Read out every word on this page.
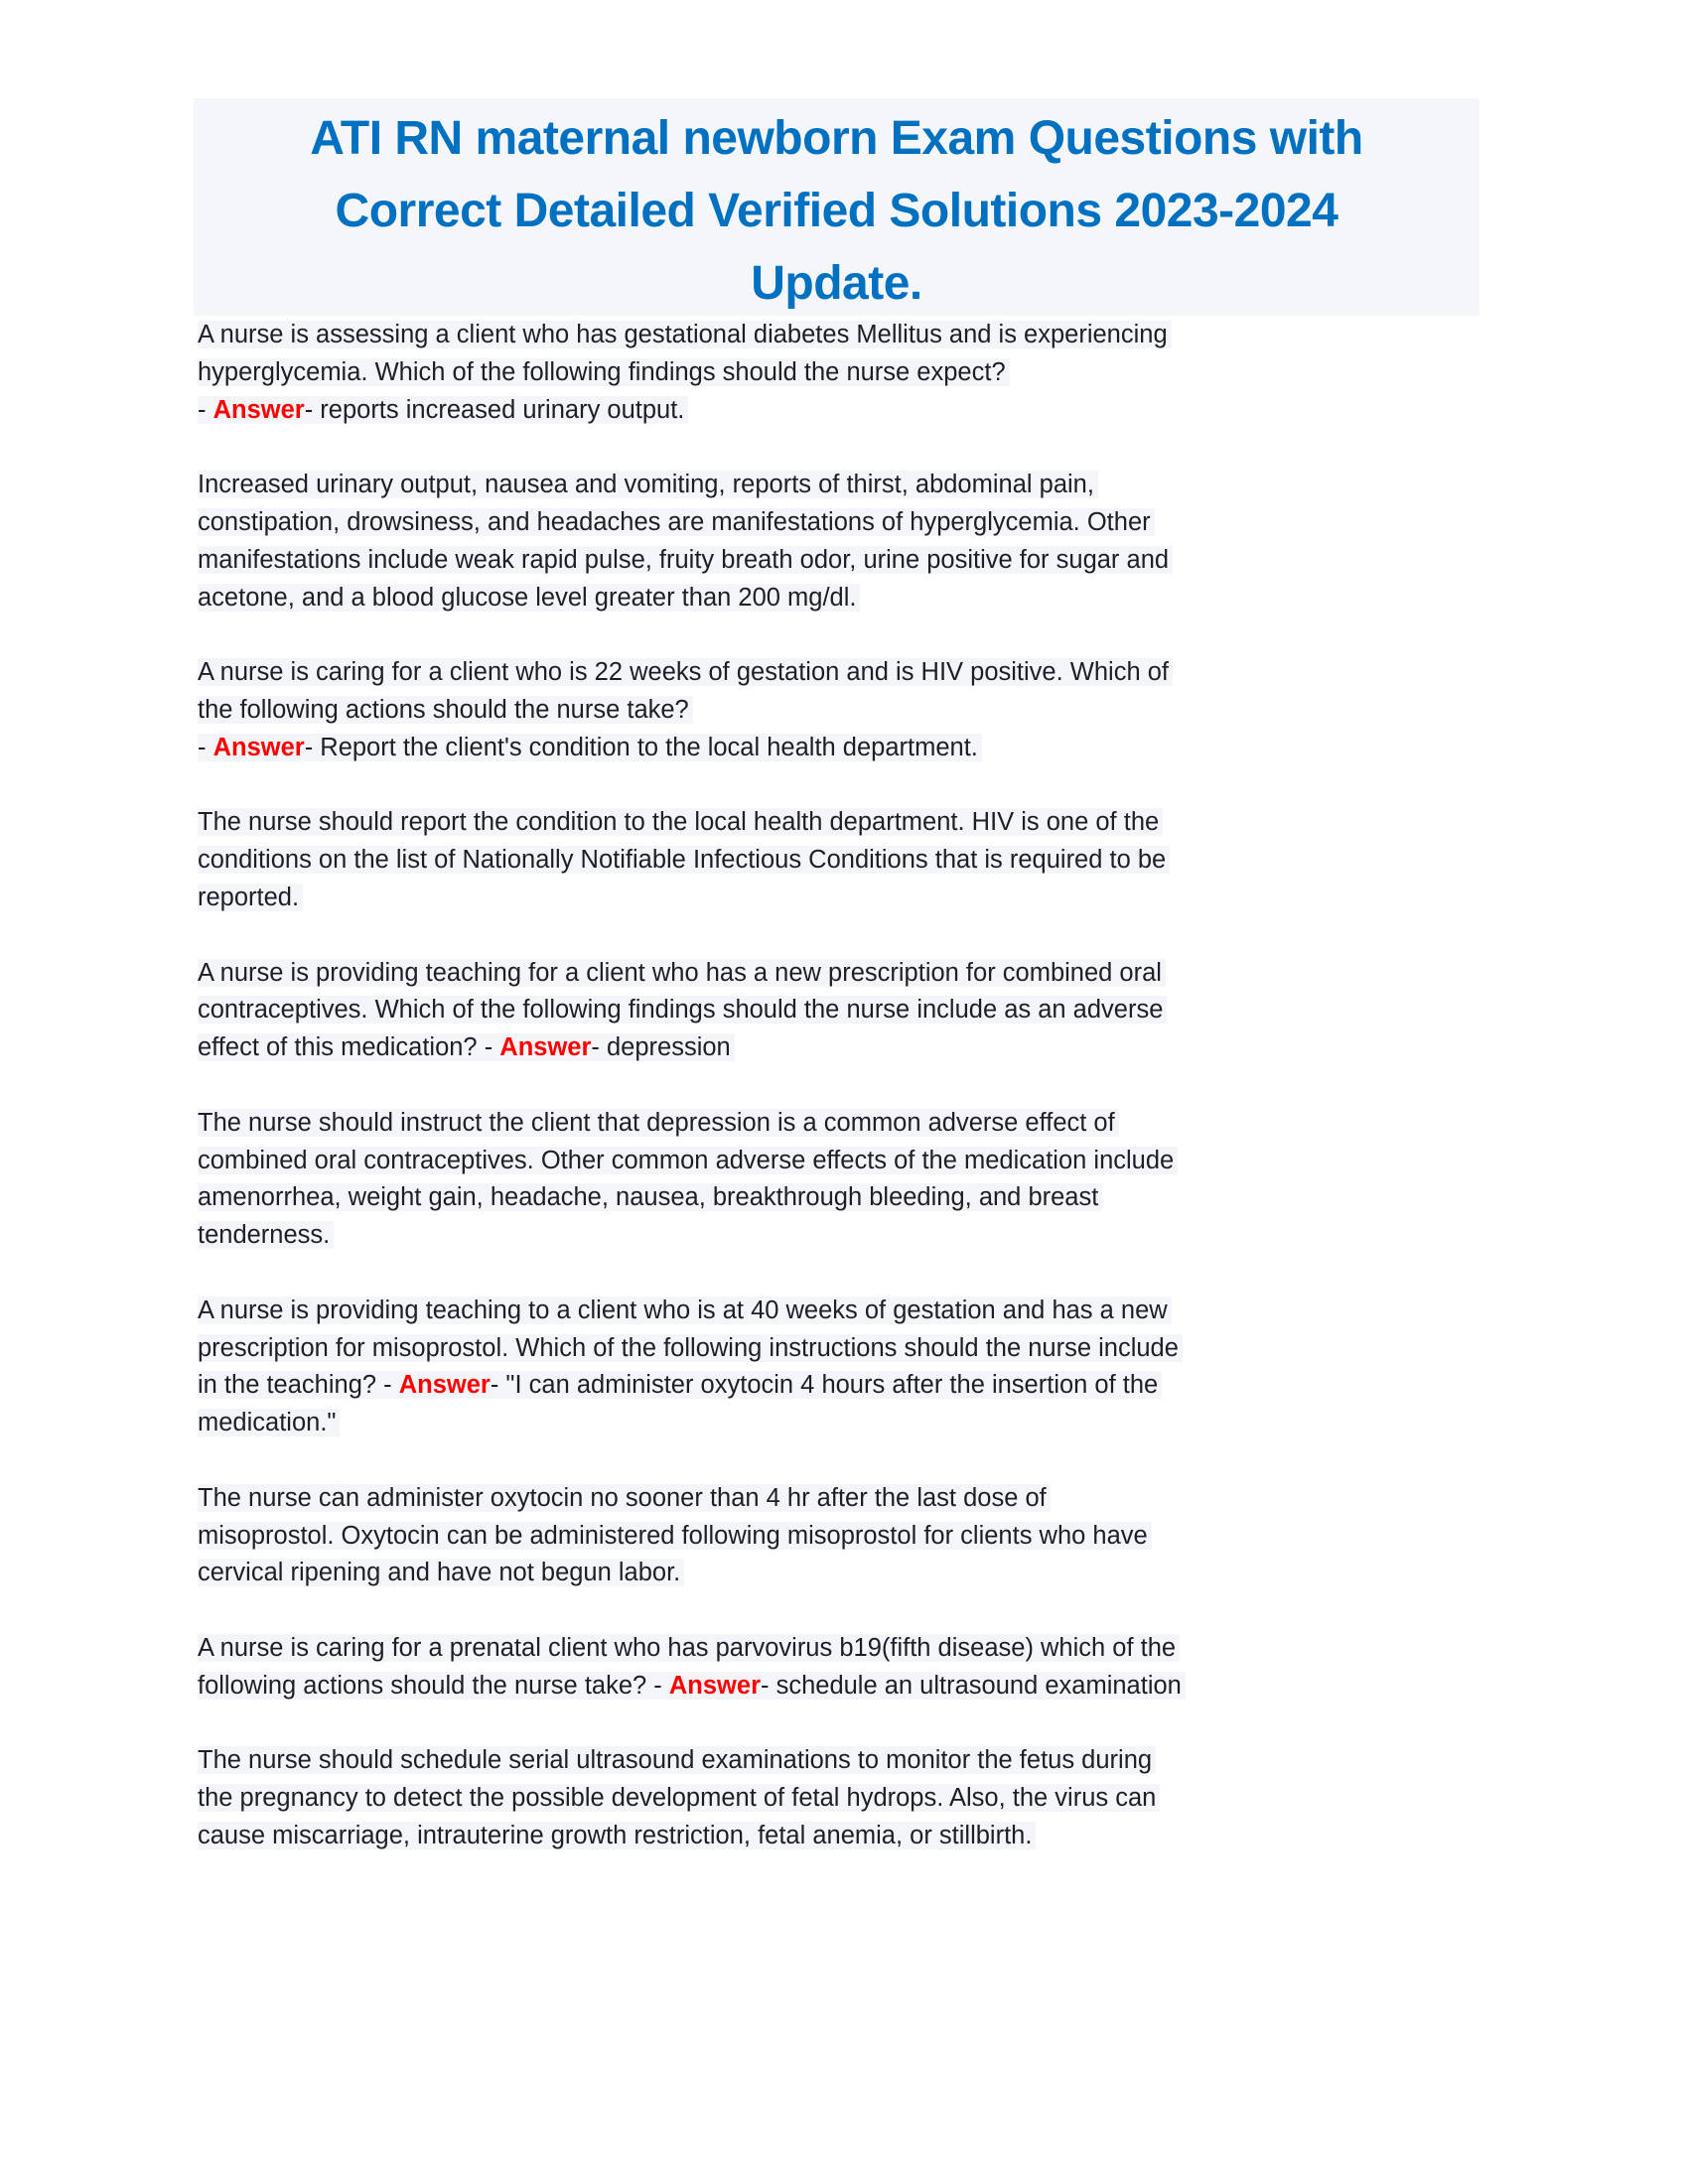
ATI RN maternal newborn Exam Questions with
Correct Detailed Verified Solutions 2023-2024
Update.
A nurse is assessing a client who has gestational diabetes Mellitus and is experiencing
hyperglycemia. Which of the following findings should the nurse expect?
- Answer- reports increased urinary output.
Increased urinary output, nausea and vomiting, reports of thirst, abdominal pain,
constipation, drowsiness, and headaches are manifestations of hyperglycemia. Other
manifestations include weak rapid pulse, fruity breath odor, urine positive for sugar and
acetone, and a blood glucose level greater than 200 mg/dl.
A nurse is caring for a client who is 22 weeks of gestation and is HIV positive. Which of
the following actions should the nurse take?
- Answer- Report the client's condition to the local health department.
The nurse should report the condition to the local health department. HIV is one of the
conditions on the list of Nationally Notifiable Infectious Conditions that is required to be
reported.
A nurse is providing teaching for a client who has a new prescription for combined oral
contraceptives. Which of the following findings should the nurse include as an adverse
effect of this medication? - Answer- depression
The nurse should instruct the client that depression is a common adverse effect of
combined oral contraceptives. Other common adverse effects of the medication include
amenorrhea, weight gain, headache, nausea, breakthrough bleeding, and breast
tenderness.
A nurse is providing teaching to a client who is at 40 weeks of gestation and has a new
prescription for misoprostol. Which of the following instructions should the nurse include
in the teaching? - Answer- "I can administer oxytocin 4 hours after the insertion of the
medication."
The nurse can administer oxytocin no sooner than 4 hr after the last dose of
misoprostol. Oxytocin can be administered following misoprostol for clients who have
cervical ripening and have not begun labor.
A nurse is caring for a prenatal client who has parvovirus b19(fifth disease) which of the
following actions should the nurse take? - Answer- schedule an ultrasound examination
The nurse should schedule serial ultrasound examinations to monitor the fetus during
the pregnancy to detect the possible development of fetal hydrops. Also, the virus can
cause miscarriage, intrauterine growth restriction, fetal anemia, or stillbirth.
